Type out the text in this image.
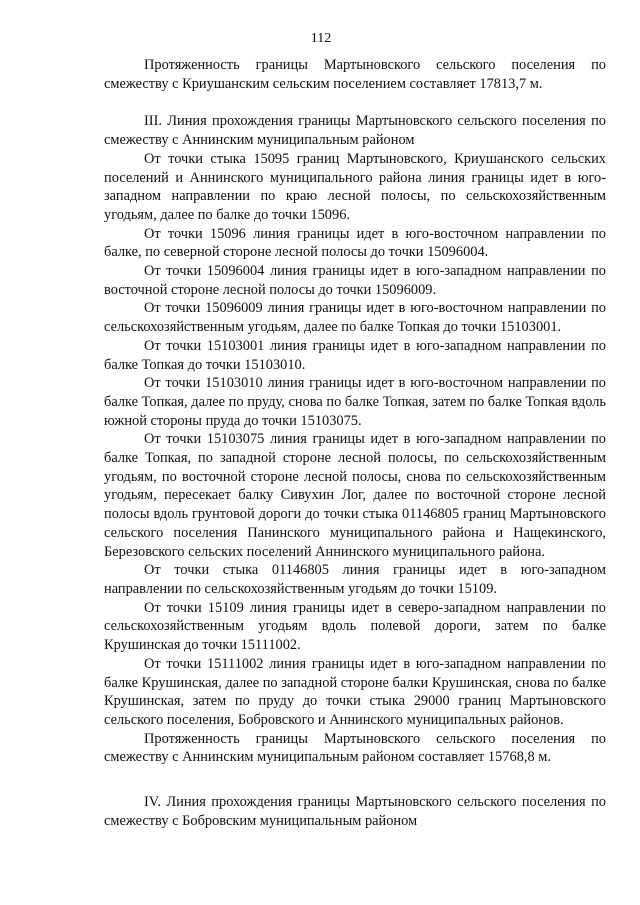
112

Протяженность границы Мартыновского сельского поселения по смежеству с Криушанским сельским поселением составляет 17813,7 м.

III. Линия прохождения границы Мартыновского сельского поселения по смежеству с Аннинским муниципальным районом

От точки стыка 15095 границ Мартыновского, Криушанского сельских поселений и Аннинского муниципального района линия границы идет в юго-западном направлении по краю лесной полосы, по сельскохозяйственным угодьям, далее по балке до точки 15096.

От точки 15096 линия границы идет в юго-восточном направлении по балке, по северной стороне лесной полосы до точки 15096004.

От точки 15096004 линия границы идет в юго-западном направлении по восточной стороне лесной полосы до точки 15096009.

От точки 15096009 линия границы идет в юго-восточном направлении по сельскохозяйственным угодьям, далее по балке Топкая до точки 15103001.

От точки 15103001 линия границы идет в юго-западном направлении по балке Топкая до точки 15103010.

От точки 15103010 линия границы идет в юго-восточном направлении по балке Топкая, далее по пруду, снова по балке Топкая, затем по балке Топкая вдоль южной стороны пруда до точки 15103075.

От точки 15103075 линия границы идет в юго-западном направлении по балке Топкая, по западной стороне лесной полосы, по сельскохозяйственным угодьям, по восточной стороне лесной полосы, снова по сельскохозяйственным угодьям, пересекает балку Сивухин Лог, далее по восточной стороне лесной полосы вдоль грунтовой дороги до точки стыка 01146805 границ Мартыновского сельского поселения Панинского муниципального района и Нащекинского, Березовского сельских поселений Аннинского муниципального района.

От точки стыка 01146805 линия границы идет в юго-западном направлении по сельскохозяйственным угодьям до точки 15109.

От точки 15109 линия границы идет в северо-западном направлении по сельскохозяйственным угодьям вдоль полевой дороги, затем по балке Крушинская до точки 15111002.

От точки 15111002 линия границы идет в юго-западном направлении по балке Крушинская, далее по западной стороне балки Крушинская, снова по балке Крушинская, затем по пруду до точки стыка 29000 границ Мартыновского сельского поселения, Бобровского и Аннинского муниципальных районов.

Протяженность границы Мартыновского сельского поселения по смежеству с Аннинским муниципальным районом составляет 15768,8 м.

IV. Линия прохождения границы Мартыновского сельского поселения по смежеству с Бобровским муниципальным районом
